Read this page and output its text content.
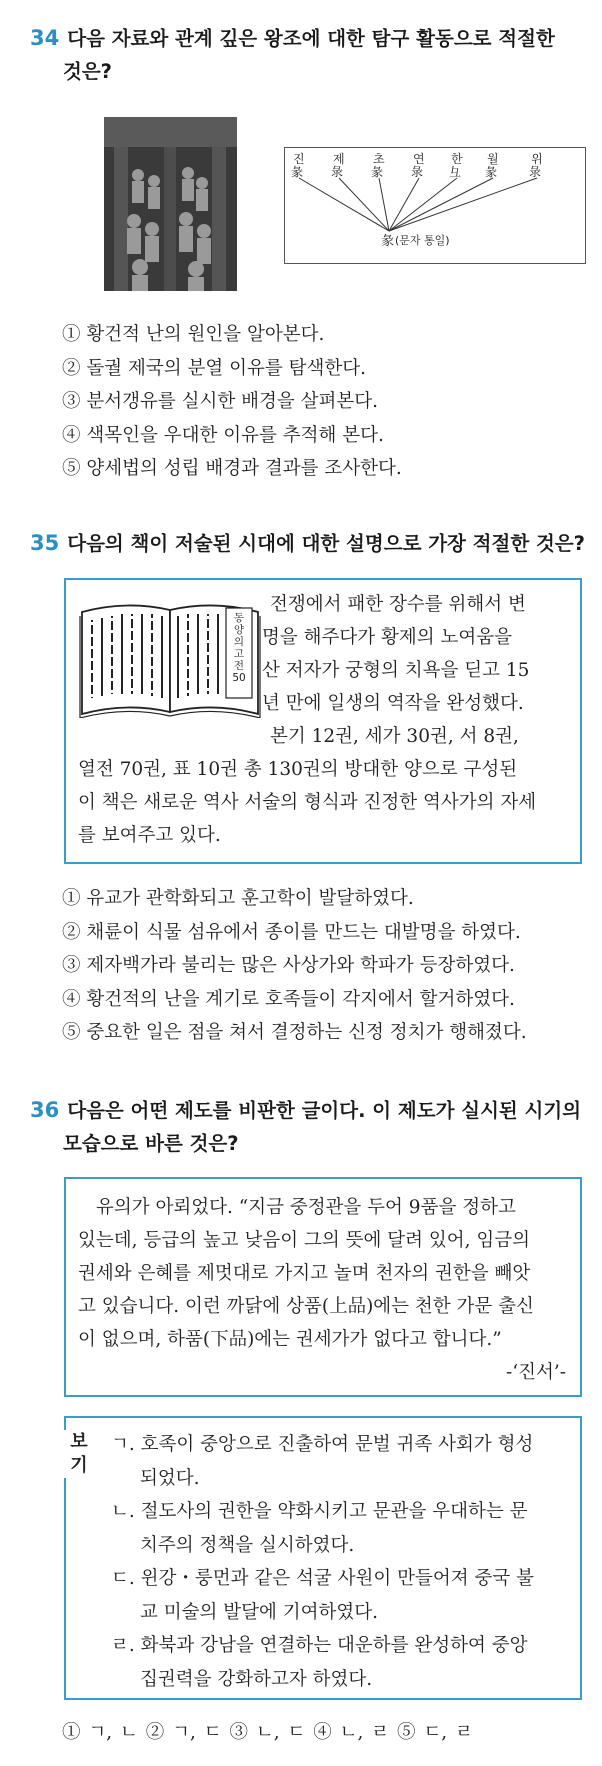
34 다음 자료와 관계 깊은 왕조에 대한 탐구 활동으로 적절한
것은?
진 제 초 연 한 월	위
彖 彔 彖 彔 彑 彖	彔
彖 (문자 통일)
① 황건적 난의 원인을 알아본다.
② 돌궐 제국의 분열 이유를 탐색한다.
③ 분서갱유를 실시한 배경을 살펴본다.
④ 색목인을 우대한 이유를 추적해 본다.
⑤ 양세법의 성립 배경과 결과를 조사한다.
35 다음의 책이 저술된 시대에 대한 설명으로 가장 적절한 것은?
동양의 고전 50
전쟁에서 패한 장수를 위해서 변
명을 해주다가 황제의 노여움을
산 저자가 궁형의 치욕을 딛고 15
년 만에 일생의 역작을 완성했다.
본기 12권, 세가 30권, 서 8권,
열전 70권, 표 10권 총 130권의 방대한 양으로 구성된
이 책은 새로운 역사 서술의 형식과 진정한 역사가의 자세
를 보여주고 있다.
① 유교가 관학화되고 훈고학이 발달하였다.
② 채륜이 식물 섬유에서 종이를 만드는 대발명을 하였다.
③ 제자백가라 불리는 많은 사상가와 학파가 등장하였다.
④ 황건적의 난을 계기로 호족들이 각지에서 할거하였다.
⑤ 중요한 일은 점을 쳐서 결정하는 신정 정치가 행해졌다.
36 다음은 어떤 제도를 비판한 글이다. 이 제도가 실시된 시기의
모습으로 바른 것은?
유의가 아뢰었다. “지금 중정관을 두어 9품을 정하고
있는데, 등급의 높고 낮음이 그의 뜻에 달려 있어, 임금의
권세와 은혜를 제멋대로 가지고 놀며 천자의 권한을 빼앗
고 있습니다. 이런 까닭에 상품(上品)에는 천한 가문 출신
이 없으며, 하품(下品)에는 권세가가 없다고 합니다.”
-‘진서’-
보
기
ㄱ. 호족이 중앙으로 진출하여 문벌 귀족 사회가 형성
되었다.
ㄴ. 절도사의 권한을 약화시키고 문관을 우대하는 문
치주의 정책을 실시하였다.
ㄷ. 윈강・룽먼과 같은 석굴 사원이 만들어져 중국 불
교 미술의 발달에 기여하였다.
ㄹ. 화북과 강남을 연결하는 대운하를 완성하여 중앙
집권력을 강화하고자 하였다.
① ㄱ, ㄴ ② ㄱ, ㄷ ③ ㄴ, ㄷ ④ ㄴ, ㄹ ⑤ ㄷ, ㄹ
